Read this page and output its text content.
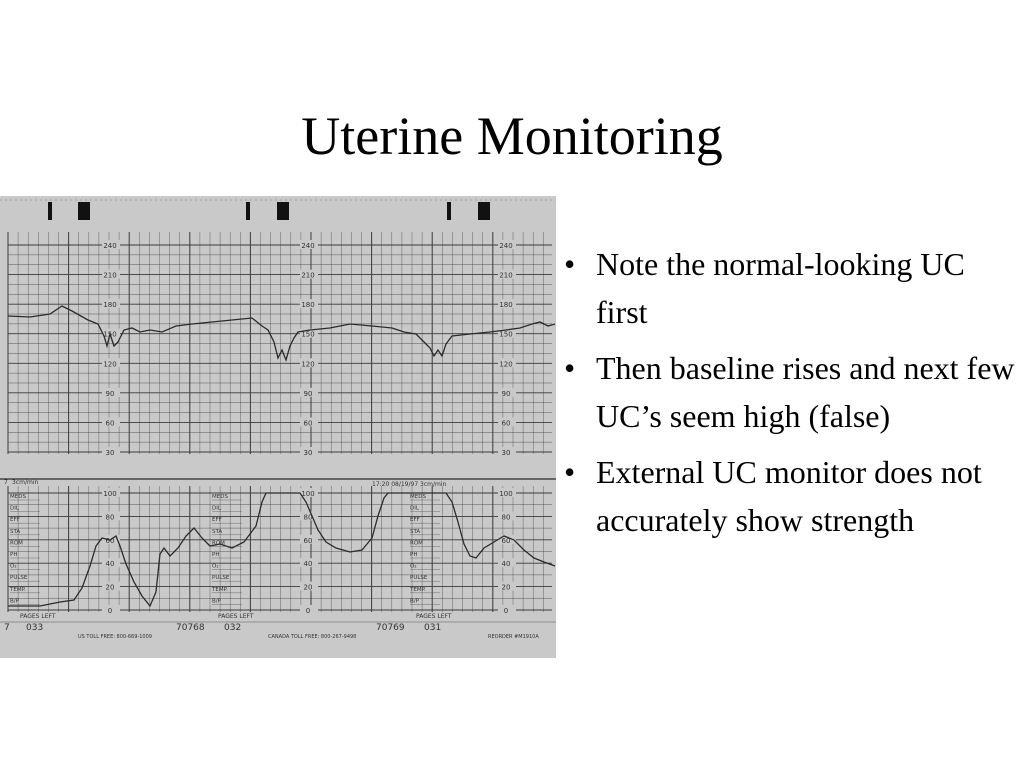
Uterine Monitoring
240
210
180
150
120
90
60
30
100
80
60
40
20
0
240
210
180
150
120
90
60
30
100
80
60
40
20
0
240
210
180
150
120
90
60
30
100
80
60
40
20
0
7 3cm/min	17:20 08/19/97 3cm/min
MEDS
DIL
EFF
STA
ROM
PH
O₂
PULSE
TEMP.
B/P
MEDS
DIL
EFF
STA
ROM
PH
O₂
PULSE
TEMP.
B/P
MEDS
DIL
EFF
STA
ROM
PH
O₂
PULSE
TEMP.
B/P
PAGES LEFT	PAGES LEFT	PAGES LEFT
7 033	70768 032	70769 031
US TOLL FREE: 800-669-1009	CANADA TOLL FREE: 800-267-9498	REORDER #M1910A
• Note the normal-looking UC first
• Then baseline rises and next few UC’s seem high (false)
• External UC monitor does not accurately show strength
